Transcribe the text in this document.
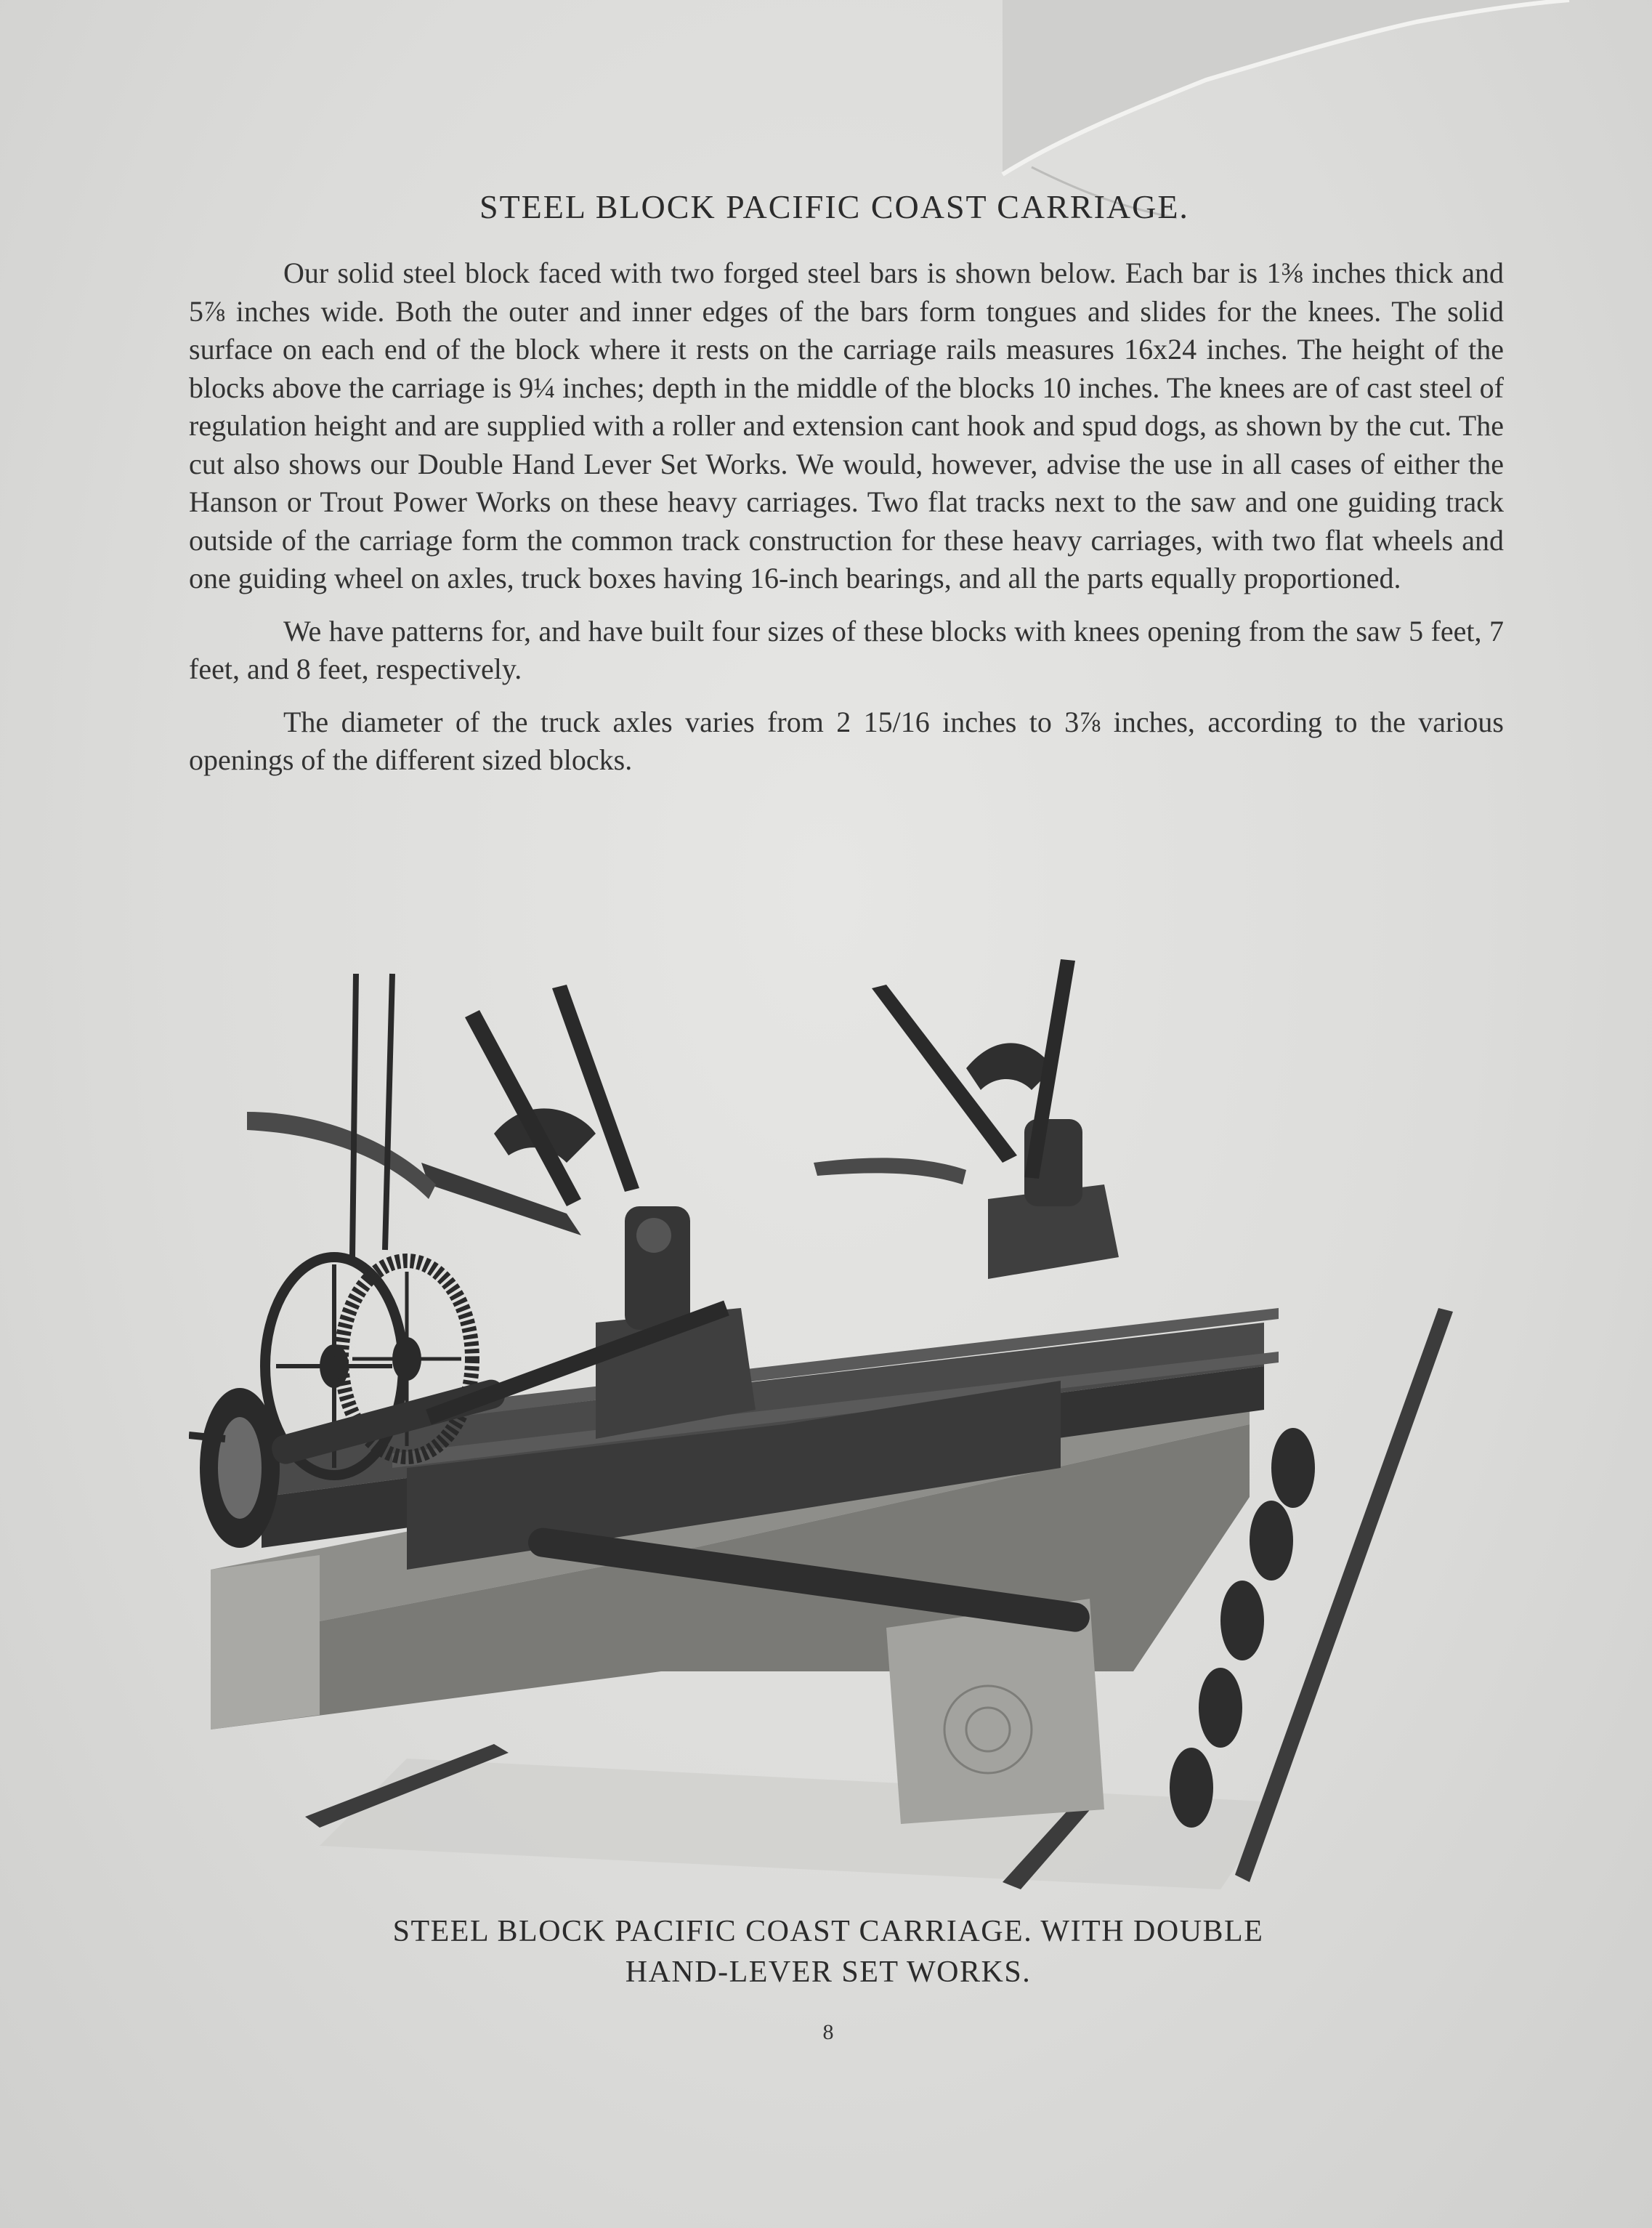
STEEL BLOCK PACIFIC COAST CARRIAGE.

Our solid steel block faced with two forged steel bars is shown below. Each bar is 1⅜ inches thick and 5⅞ inches wide. Both the outer and inner edges of the bars form tongues and slides for the knees. The solid surface on each end of the block where it rests on the carriage rails measures 16x24 inches. The height of the blocks above the carriage is 9¼ inches; depth in the middle of the blocks 10 inches. The knees are of cast steel of regulation height and are supplied with a roller and extension cant hook and spud dogs, as shown by the cut. The cut also shows our Double Hand Lever Set Works. We would, however, advise the use in all cases of either the Hanson or Trout Power Works on these heavy carriages. Two flat tracks next to the saw and one guiding track outside of the carriage form the common track construction for these heavy carriages, with two flat wheels and one guiding wheel on axles, truck boxes having 16-inch bearings, and all the parts equally proportioned.

We have patterns for, and have built four sizes of these blocks with knees opening from the saw 5 feet, 7 feet, and 8 feet, respectively.

The diameter of the truck axles varies from 2 15/16 inches to 3⅞ inches, according to the various openings of the different sized blocks.

STEEL BLOCK PACIFIC COAST CARRIAGE. WITH DOUBLE
HAND-LEVER SET WORKS.
8
